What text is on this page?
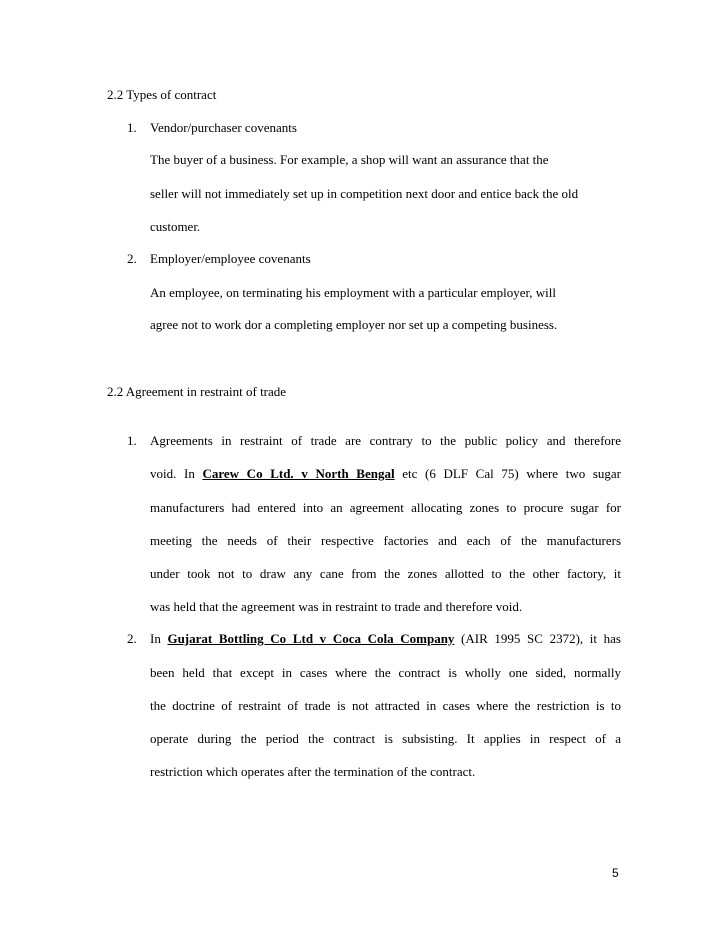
2.2 Types of contract
1. Vendor/purchaser covenants
The buyer of a business. For example, a shop will want an assurance that the
seller will not immediately set up in competition next door and entice back the old
customer.
2. Employer/employee covenants
An employee, on terminating his employment with a particular employer, will
agree not to work dor a completing employer nor set up a competing business.
2.2 Agreement in restraint of trade
1. Agreements in restraint of trade are contrary to the public policy and therefore
void. In Carew Co Ltd. v North Bengal etc (6 DLF Cal 75) where two sugar
manufacturers had entered into an agreement allocating zones to procure sugar for
meeting the needs of their respective factories and each of the manufacturers
under took not to draw any cane from the zones allotted to the other factory, it
was held that the agreement was in restraint to trade and therefore void.
2. In Gujarat Bottling Co Ltd v Coca Cola Company (AIR 1995 SC 2372), it has
been held that except in cases where the contract is wholly one sided, normally
the doctrine of restraint of trade is not attracted in cases where the restriction is to
operate during the period the contract is subsisting. It applies in respect of a
restriction which operates after the termination of the contract.
5
